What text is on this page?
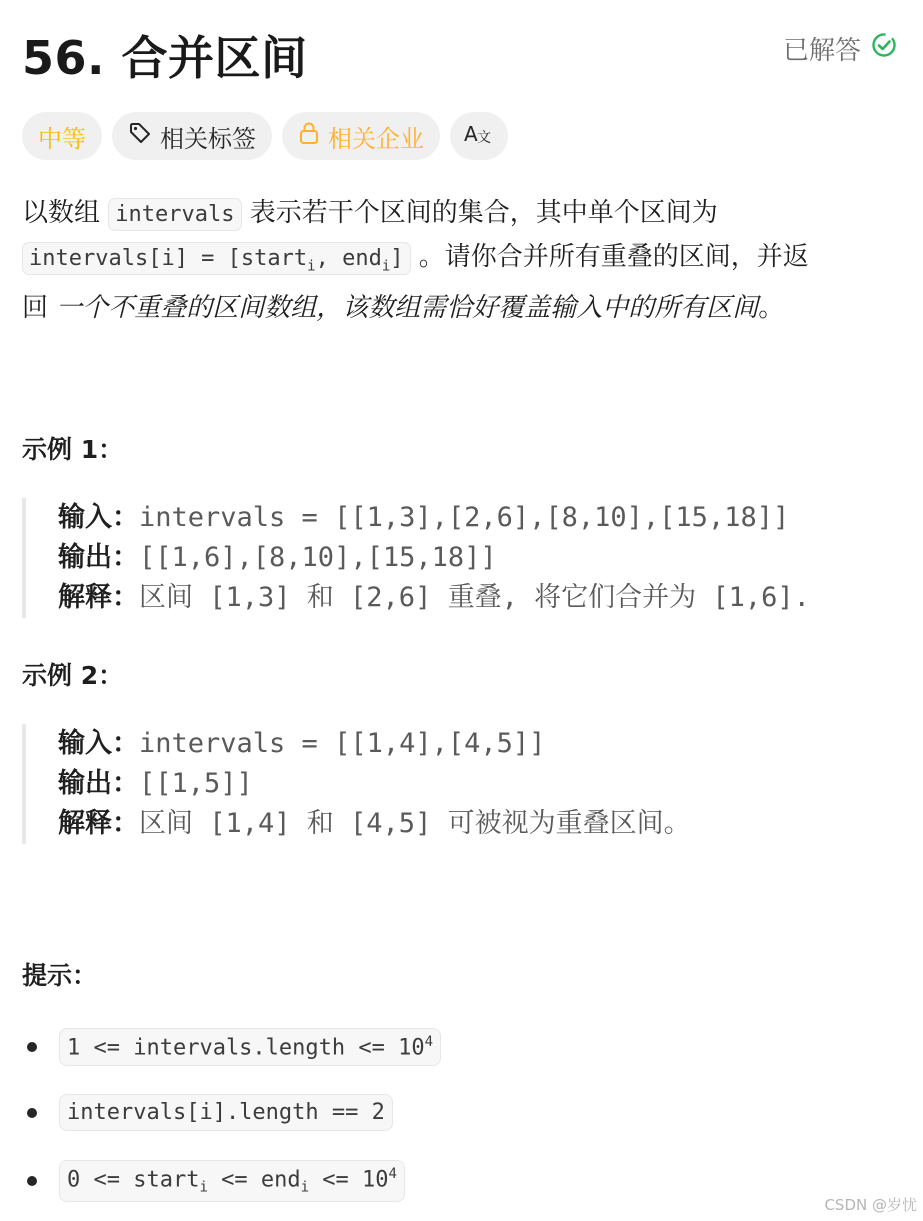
56. 合并区间	已解答
中等	相关标签	相关企业 A 文
以数组 intervals 表示若干个区间的集合，其中单个区间为
intervals[i] = [start$_i$, end$_i$] 。请你合并所有重叠的区间，并返
回 一个不重叠的区间数组，该数组需恰好覆盖输入中的所有区间。
示例 1：
输入：intervals = [[1,3],[2,6],[8,10],[15,18]]
输出：[[1,6],[8,10],[15,18]]
解释：区间 [1,3] 和 [2,6] 重叠, 将它们合并为 [1,6].
示例 2：
输入：intervals = [[1,4],[4,5]]
输出：[[1,5]]
解释：区间 [1,4] 和 [4,5] 可被视为重叠区间。
提示：
1 <= intervals.length <= $10^4$
intervals[i].length == 2
0 <= start$_i$ <= $end_i <= 10^4$
CSDN @岁忧
